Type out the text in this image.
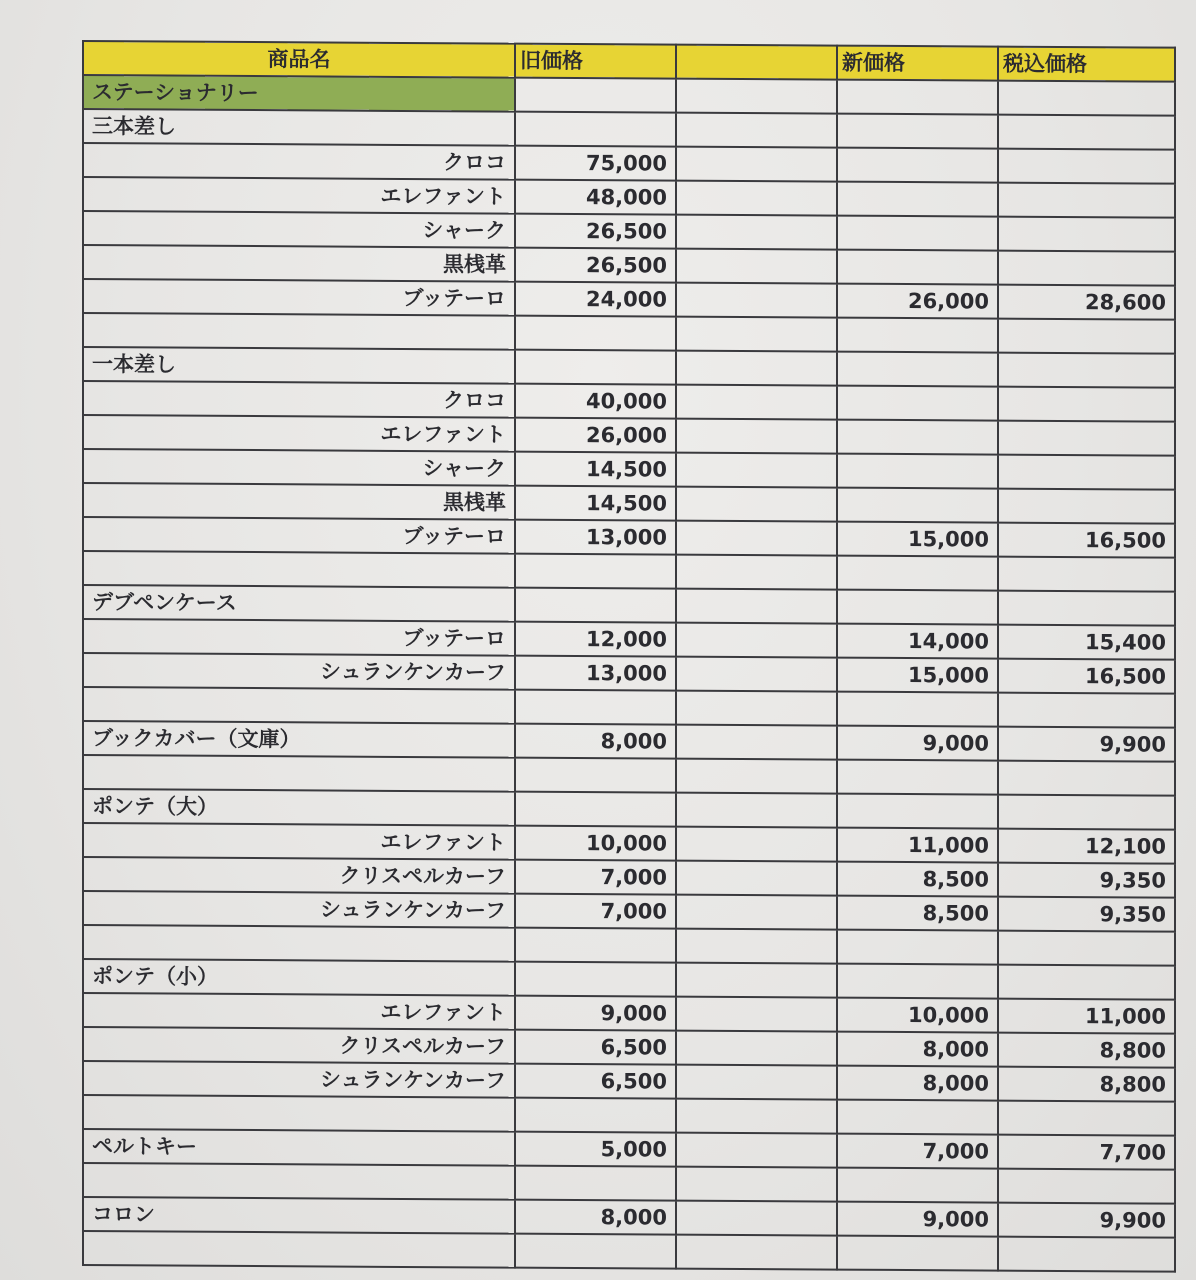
商品名	旧価格		新価格	税込価格
ステーショナリー				
三本差し				
クロコ	75,000			
エレファント	48,000			
シャーク	26,500			
黒桟革	26,500			
ブッテーロ	24,000		26,000	28,600

一本差し				
クロコ	40,000			
エレファント	26,000			
シャーク	14,500			
黒桟革	14,500			
ブッテーロ	13,000		15,000	16,500

デブペンケース				
ブッテーロ	12,000		14,000	15,400
シュランケンカーフ	13,000		15,000	16,500

ブックカバー（文庫）	8,000		9,000	9,900

ポンテ（大）				
エレファント	10,000		11,000	12,100
クリスペルカーフ	7,000		8,500	9,350
シュランケンカーフ	7,000		8,500	9,350

ポンテ（小）				
エレファント	9,000		10,000	11,000
クリスペルカーフ	6,500		8,000	8,800
シュランケンカーフ	6,500		8,000	8,800

ペルトキー	5,000		7,000	7,700

コロン	8,000		9,000	9,900
